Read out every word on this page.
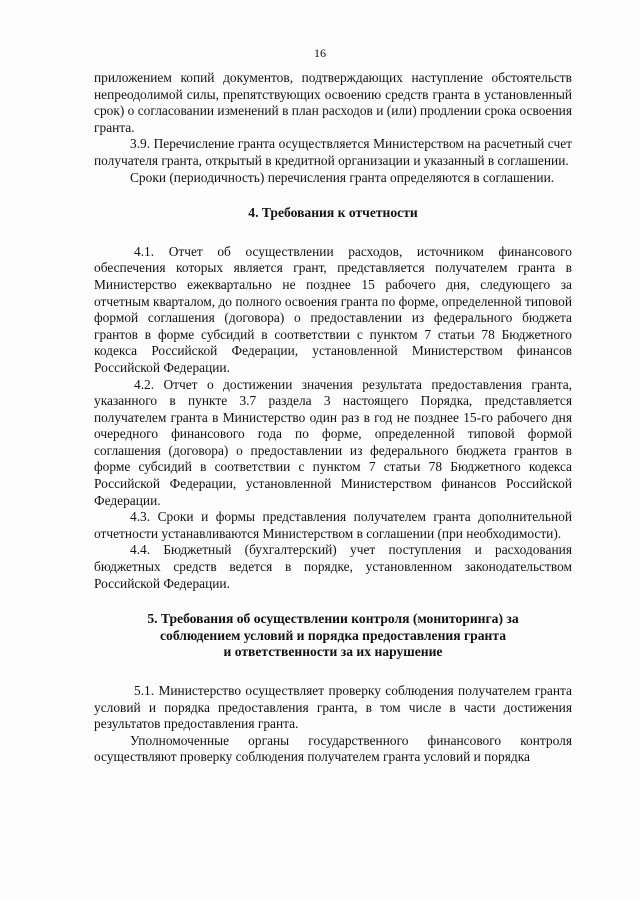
16

приложением копий документов, подтверждающих наступление обстоятельств непреодолимой силы, препятствующих освоению средств гранта в установленный срок) о согласовании изменений в план расходов и (или) продлении срока освоения гранта.

3.9. Перечисление гранта осуществляется Министерством на расчетный счет получателя гранта, открытый в кредитной организации и указанный в соглашении.

Сроки (периодичность) перечисления гранта определяются в соглашении.

4. Требования к отчетности

4.1. Отчет об осуществлении расходов, источником финансового обеспечения которых является грант, представляется получателем гранта в Министерство ежеквартально не позднее 15 рабочего дня, следующего за отчетным кварталом, до полного освоения гранта по форме, определенной типовой формой соглашения (договора) о предоставлении из федерального бюджета грантов в форме субсидий в соответствии с пунктом 7 статьи 78 Бюджетного кодекса Российской Федерации, установленной Министерством финансов Российской Федерации.

4.2. Отчет о достижении значения результата предоставления гранта, указанного в пункте 3.7 раздела 3 настоящего Порядка, представляется получателем гранта в Министерство один раз в год не позднее 15-го рабочего дня очередного финансового года по форме, определенной типовой формой соглашения (договора) о предоставлении из федерального бюджета грантов в форме субсидий в соответствии с пунктом 7 статьи 78 Бюджетного кодекса Российской Федерации, установленной Министерством финансов Российской Федерации.

4.3. Сроки и формы представления получателем гранта дополнительной отчетности устанавливаются Министерством в соглашении (при необходимости).

4.4. Бюджетный (бухгалтерский) учет поступления и расходования бюджетных средств ведется в порядке, установленном законодательством Российской Федерации.

5. Требования об осуществлении контроля (мониторинга) за
соблюдением условий и порядка предоставления гранта
и ответственности за их нарушение

5.1. Министерство осуществляет проверку соблюдения получателем гранта условий и порядка предоставления гранта, в том числе в части достижения результатов предоставления гранта.

Уполномоченные органы государственного финансового контроля осуществляют проверку соблюдения получателем гранта условий и порядка
